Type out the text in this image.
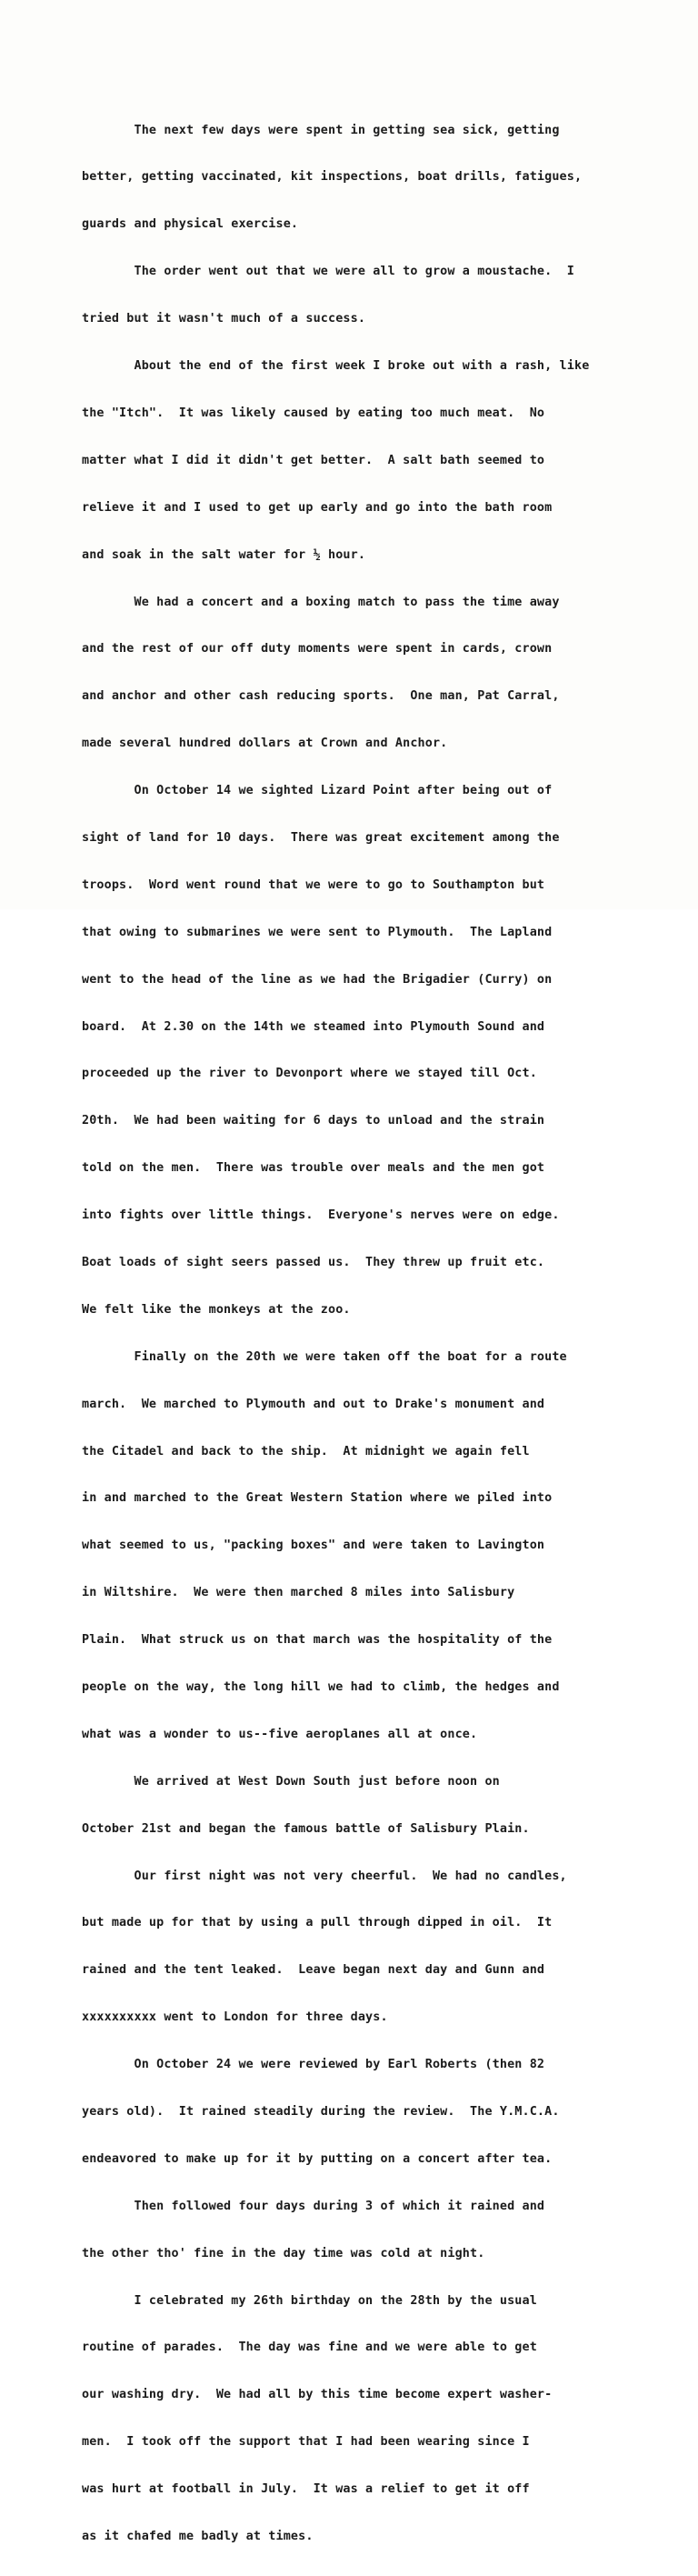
The next few days were spent in getting sea sick, getting

better, getting vaccinated, kit inspections, boat drills, fatigues,

guards and physical exercise.

The order went out that we were all to grow a moustache.  I

tried but it wasn't much of a success.

About the end of the first week I broke out with a rash, like

the "Itch".  It was likely caused by eating too much meat.  No

matter what I did it didn't get better.  A salt bath seemed to

relieve it and I used to get up early and go into the bath room

and soak in the salt water for ½ hour.

We had a concert and a boxing match to pass the time away

and the rest of our off duty moments were spent in cards, crown

and anchor and other cash reducing sports.  One man, Pat Carral,

made several hundred dollars at Crown and Anchor.

On October 14 we sighted Lizard Point after being out of

sight of land for 10 days.  There was great excitement among the

troops.  Word went round that we were to go to Southampton but

that owing to submarines we were sent to Plymouth.  The Lapland

went to the head of the line as we had the Brigadier (Curry) on

board.  At 2.30 on the 14th we steamed into Plymouth Sound and

proceeded up the river to Devonport where we stayed till Oct.

20th.  We had been waiting for 6 days to unload and the strain

told on the men.  There was trouble over meals and the men got

into fights over little things.  Everyone's nerves were on edge.

Boat loads of sight seers passed us.  They threw up fruit etc.

We felt like the monkeys at the zoo.

Finally on the 20th we were taken off the boat for a route

march.  We marched to Plymouth and out to Drake's monument and

the Citadel and back to the ship.  At midnight we again fell

in and marched to the Great Western Station where we piled into

what seemed to us, "packing boxes" and were taken to Lavington

in Wiltshire.  We were then marched 8 miles into Salisbury

Plain.  What struck us on that march was the hospitality of the

people on the way, the long hill we had to climb, the hedges and

what was a wonder to us--five aeroplanes all at once.

We arrived at West Down South just before noon on

October 21st and began the famous battle of Salisbury Plain.

Our first night was not very cheerful.  We had no candles,

but made up for that by using a pull through dipped in oil.  It

rained and the tent leaked.  Leave began next day and Gunn and

xxxxxxxxxx went to London for three days.

On October 24 we were reviewed by Earl Roberts (then 82

years old).  It rained steadily during the review.  The Y.M.C.A.

endeavored to make up for it by putting on a concert after tea.

Then followed four days during 3 of which it rained and

the other tho' fine in the day time was cold at night.

I celebrated my 26th birthday on the 28th by the usual

routine of parades.  The day was fine and we were able to get

our washing dry.  We had all by this time become expert washer-

men.  I took off the support that I had been wearing since I

was hurt at football in July.  It was a relief to get it off

as it chafed me badly at times.
